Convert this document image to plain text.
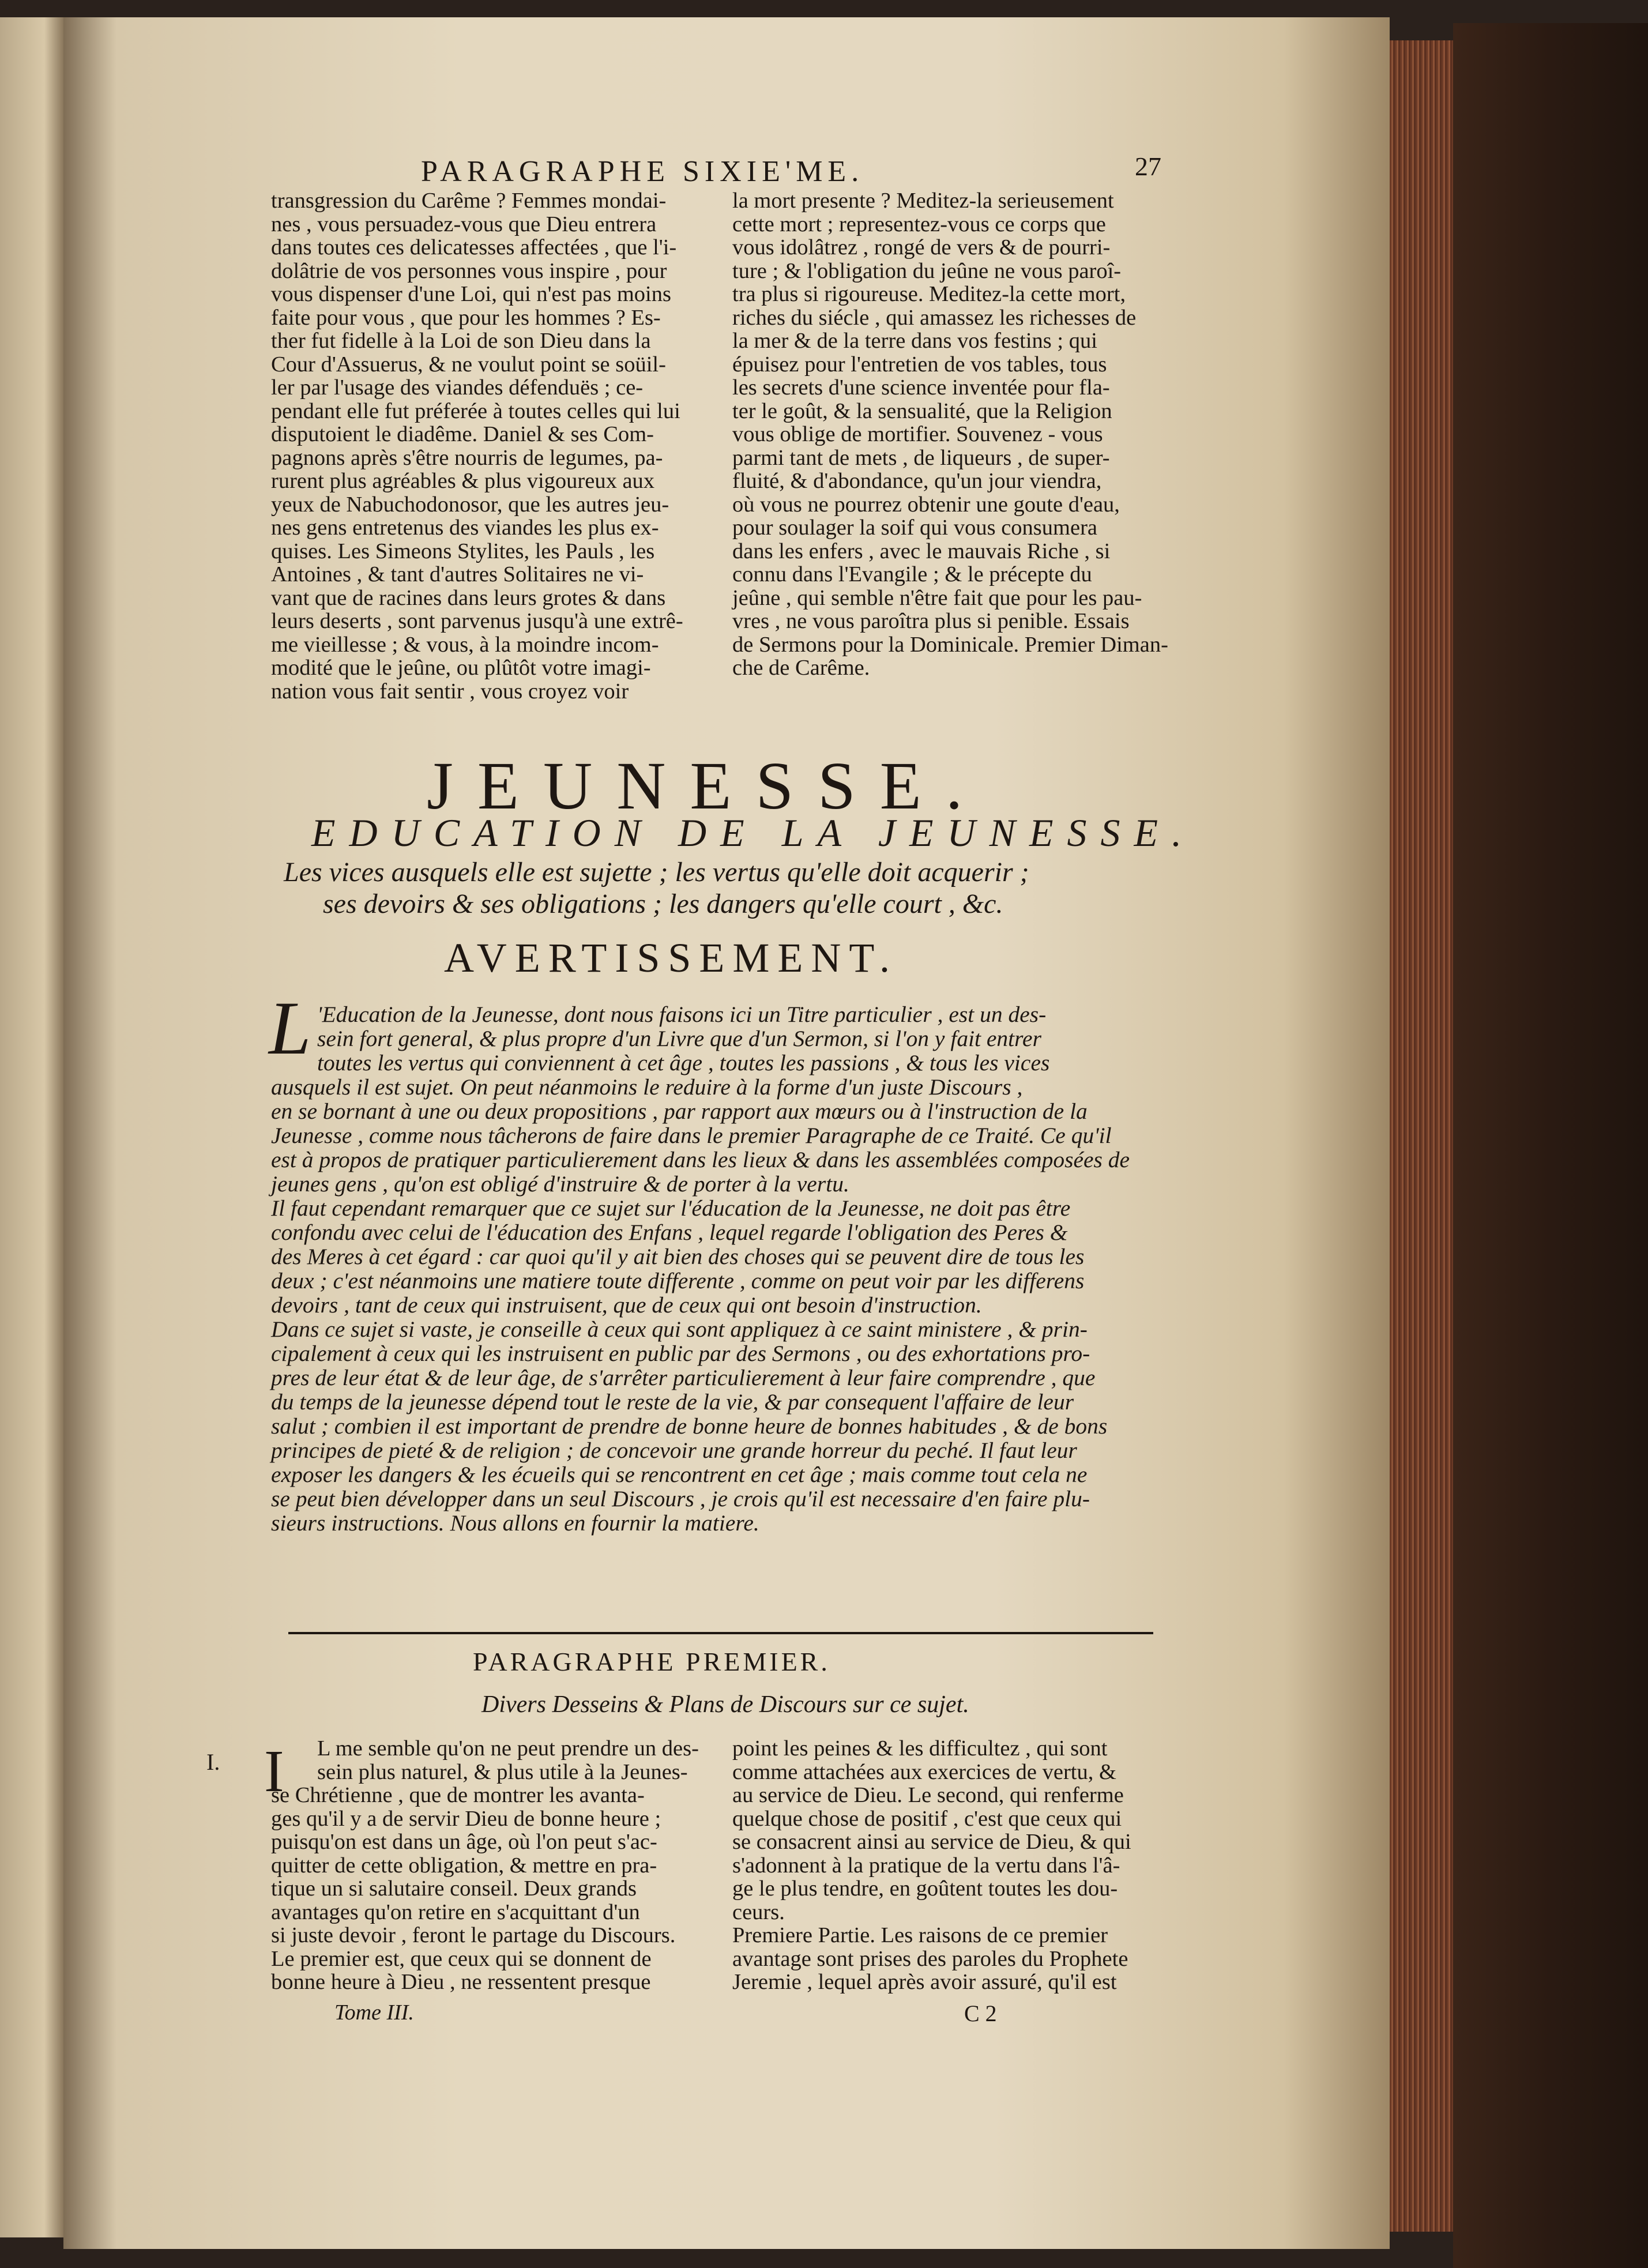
PARAGRAPHE SIXIE'ME.	27

transgression du Carême ? Femmes mondai-
nes , vous persuadez-vous que Dieu entrera
dans toutes ces delicatesses affectées , que l'i-
dolâtrie de vos personnes vous inspire , pour
vous dispenser d'une Loi, qui n'est pas moins
faite pour vous , que pour les hommes ? Es-
ther fut fidelle à la Loi de son Dieu dans la
Cour d'Assuerus, & ne voulut point se soüil-
ler par l'usage des viandes défenduës ; ce-
pendant elle fut préferée à toutes celles qui lui
disputoient le diadême. Daniel & ses Com-
pagnons après s'être nourris de legumes, pa-
rurent plus agréables & plus vigoureux aux
yeux de Nabuchodonosor, que les autres jeu-
nes gens entretenus des viandes les plus ex-
quises. Les Simeons Stylites, les Pauls , les
Antoines , & tant d'autres Solitaires ne vi-
vant que de racines dans leurs grotes & dans
leurs deserts , sont parvenus jusqu'à une extrê-
me vieillesse ; & vous, à la moindre incom-
modité que le jeûne, ou plûtôt votre imagi-
nation vous fait sentir , vous croyez voir
la mort presente ? Meditez-la serieusement
cette mort ; representez-vous ce corps que
vous idolâtrez , rongé de vers & de pourri-
ture ; & l'obligation du jeûne ne vous paroî-
tra plus si rigoureuse. Meditez-la cette mort,
riches du siécle , qui amassez les richesses de
la mer & de la terre dans vos festins ; qui
épuisez pour l'entretien de vos tables, tous
les secrets d'une science inventée pour fla-
ter le goût, & la sensualité, que la Religion
vous oblige de mortifier. Souvenez - vous
parmi tant de mets , de liqueurs , de super-
fluité, & d'abondance, qu'un jour viendra,
où vous ne pourrez obtenir une goute d'eau,
pour soulager la soif qui vous consumera
dans les enfers , avec le mauvais Riche , si
connu dans l'Evangile ; & le précepte du
jeûne , qui semble n'être fait que pour les pau-
vres , ne vous paroîtra plus si penible. Essais
de Sermons pour la Dominicale. Premier Diman-
che de Carême.

JEUNESSE.

EDUCATION DE LA JEUNESSE.

Les vices ausquels elle est sujette ; les vertus qu'elle doit acquerir ;

ses devoirs & ses obligations ; les dangers qu'elle court , &c.

AVERTISSEMENT.

L 'Education de la Jeunesse, dont nous faisons ici un Titre particulier , est un des-
sein fort general, & plus propre d'un Livre que d'un Sermon, si l'on y fait entrer
toutes les vertus qui conviennent à cet âge , toutes les passions , & tous les vices
ausquels il est sujet. On peut néanmoins le reduire à la forme d'un juste Discours ,
en se bornant à une ou deux propositions , par rapport aux mœurs ou à l'instruction de la
Jeunesse , comme nous tâcherons de faire dans le premier Paragraphe de ce Traité. Ce qu'il
est à propos de pratiquer particulierement dans les lieux & dans les assemblées composées de
jeunes gens , qu'on est obligé d'instruire & de porter à la vertu.
Il faut cependant remarquer que ce sujet sur l'éducation de la Jeunesse, ne doit pas être
confondu avec celui de l'éducation des Enfans , lequel regarde l'obligation des Peres &
des Meres à cet égard : car quoi qu'il y ait bien des choses qui se peuvent dire de tous les
deux ; c'est néanmoins une matiere toute differente , comme on peut voir par les differens
devoirs , tant de ceux qui instruisent, que de ceux qui ont besoin d'instruction.
Dans ce sujet si vaste, je conseille à ceux qui sont appliquez à ce saint ministere , & prin-
cipalement à ceux qui les instruisent en public par des Sermons , ou des exhortations pro-
pres de leur état & de leur âge, de s'arrêter particulierement à leur faire comprendre , que
du temps de la jeunesse dépend tout le reste de la vie, & par consequent l'affaire de leur
salut ; combien il est important de prendre de bonne heure de bonnes habitudes , & de bons
principes de pieté & de religion ; de concevoir une grande horreur du peché. Il faut leur
exposer les dangers & les écueils qui se rencontrent en cet âge ; mais comme tout cela ne
se peut bien développer dans un seul Discours , je crois qu'il est necessaire d'en faire plu-
sieurs instructions. Nous allons en fournir la matiere.

PARAGRAPHE PREMIER.

Divers Desseins & Plans de Discours sur ce sujet.

I. I	L me semble qu'on ne peut prendre un des-
sein plus naturel, & plus utile à la Jeunes-
se Chrétienne , que de montrer les avanta-
ges qu'il y a de servir Dieu de bonne heure ;
puisqu'on est dans un âge, où l'on peut s'ac-
quitter de cette obligation, & mettre en pra-
tique un si salutaire conseil. Deux grands
avantages qu'on retire en s'acquittant d'un
si juste devoir , feront le partage du Discours.
Le premier est, que ceux qui se donnent de
bonne heure à Dieu , ne ressentent presque
point les peines & les difficultez , qui sont
comme attachées aux exercices de vertu, &
au service de Dieu. Le second, qui renferme
quelque chose de positif , c'est que ceux qui
se consacrent ainsi au service de Dieu, & qui
s'adonnent à la pratique de la vertu dans l'â-
ge le plus tendre, en goûtent toutes les dou-
ceurs.
Premiere Partie. Les raisons de ce premier
avantage sont prises des paroles du Prophete
Jeremie , lequel après avoir assuré, qu'il est

Tome III.	C 2
